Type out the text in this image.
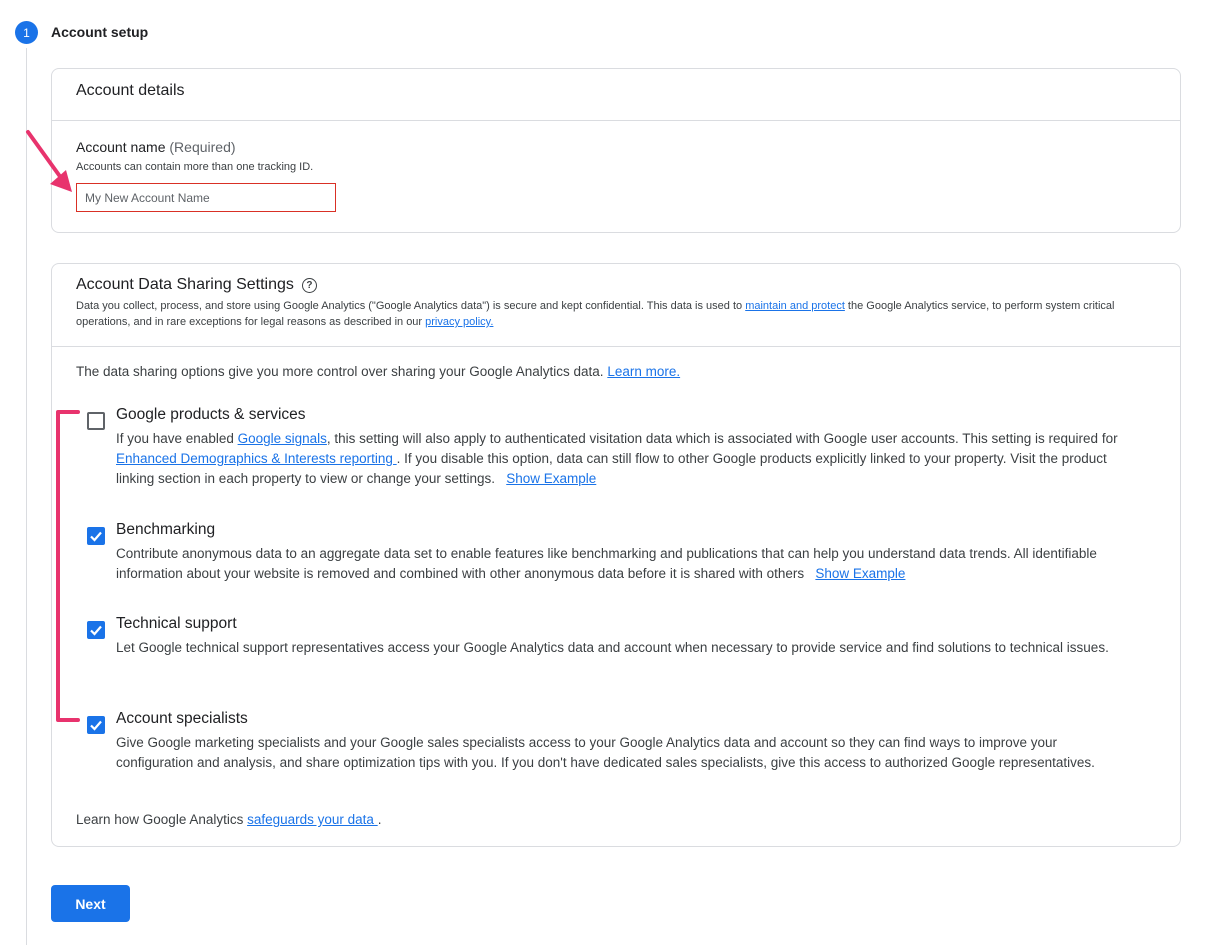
1	Account setup
Account details
Account name (Required)
Accounts can contain more than one tracking ID.
My New Account Name
Account Data Sharing Settings	?
Data you collect, process, and store using Google Analytics ("Google Analytics data") is secure and kept confidential. This data is used to maintain and protect the Google Analytics service, to perform system critical operations, and in rare exceptions for legal reasons as described in our privacy policy.
The data sharing options give you more control over sharing your Google Analytics data. Learn more.
Google products & services
If you have enabled Google signals, this setting will also apply to authenticated visitation data which is associated with Google user accounts. This setting is required for Enhanced Demographics & Interests reporting . If you disable this option, data can still flow to other Google products explicitly linked to your property. Visit the product linking section in each property to view or change your settings.   Show Example
Benchmarking
Contribute anonymous data to an aggregate data set to enable features like benchmarking and publications that can help you understand data trends. All identifiable information about your website is removed and combined with other anonymous data before it is shared with others   Show Example
Technical support
Let Google technical support representatives access your Google Analytics data and account when necessary to provide service and find solutions to technical issues.
Account specialists
Give Google marketing specialists and your Google sales specialists access to your Google Analytics data and account so they can find ways to improve your configuration and analysis, and share optimization tips with you. If you don't have dedicated sales specialists, give this access to authorized Google representatives.
Learn how Google Analytics safeguards your data .
Next
